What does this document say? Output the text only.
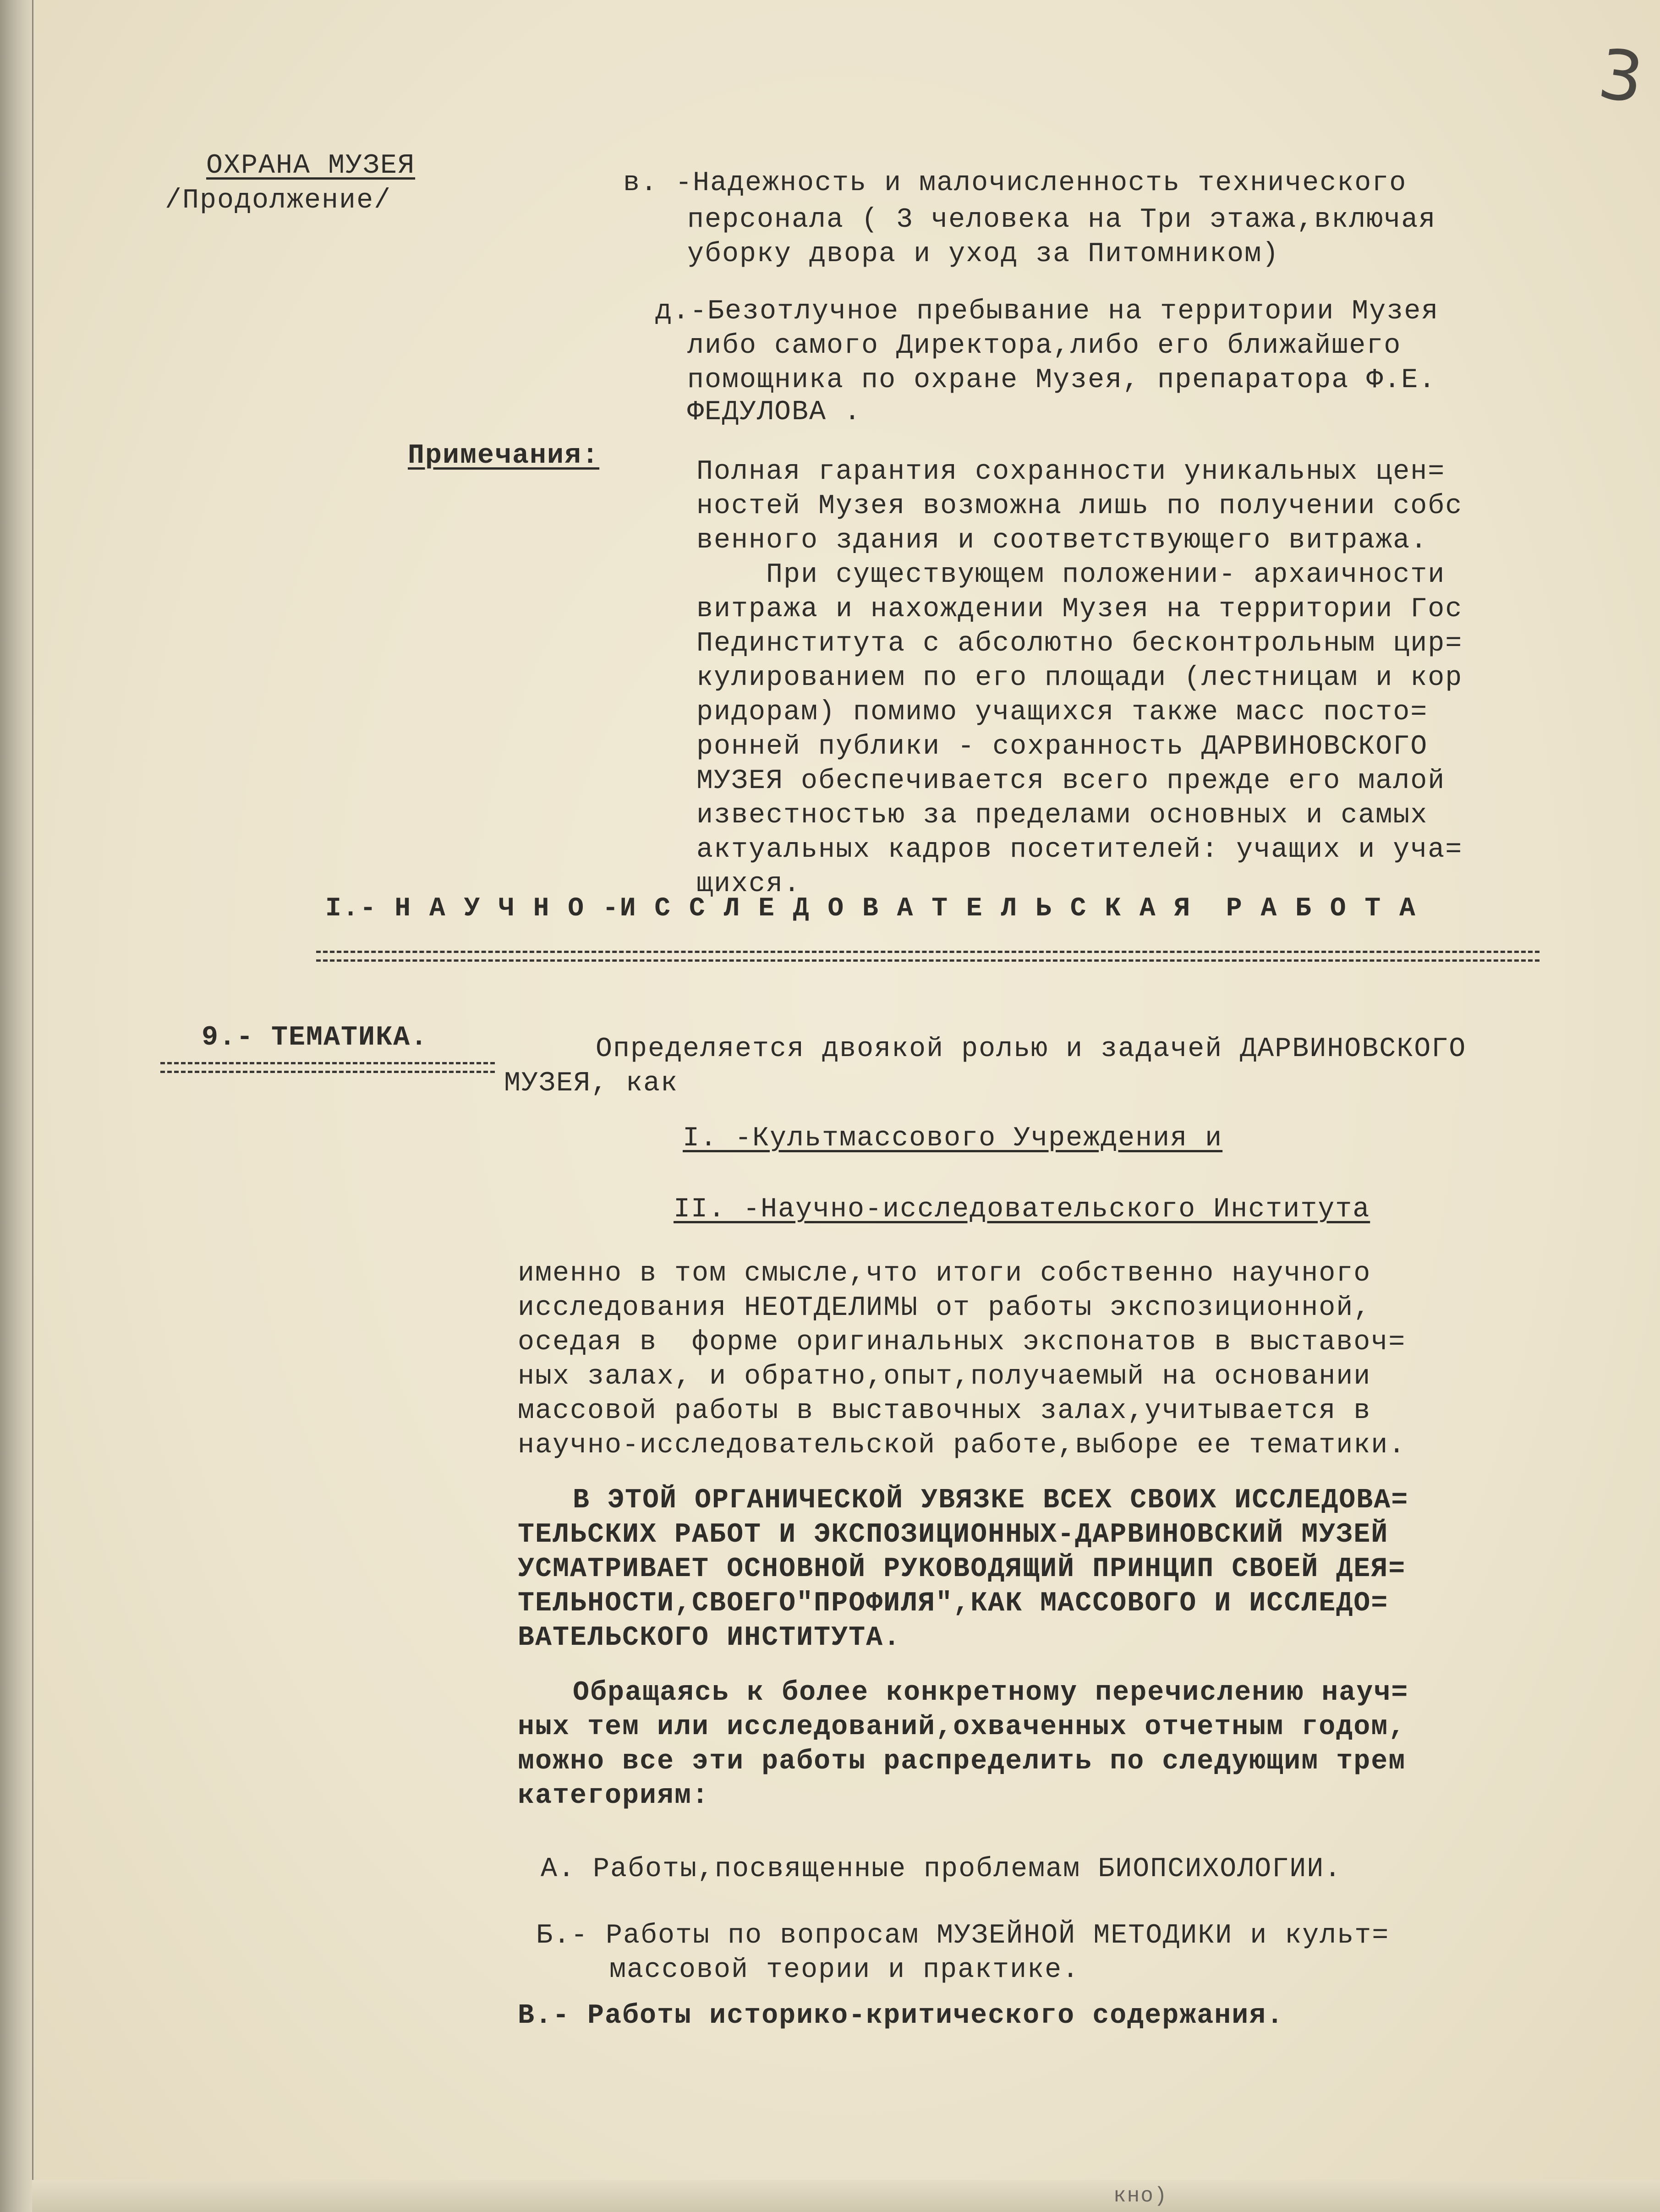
3
ОХРАНА МУЗЕЯ
/Продолжение/
в. -Надежность и малочисленность технического
персонала ( 3 человека на Три этажа,включая
уборку двора и уход за Питомником)
д.-Безотлучное пребывание на территории Музея
либо самого Директора,либо его ближайшего
помощника по охране Музея, препаратора Ф.Е.
ФЕДУЛОВА .
Примечания:
Полная гарантия сохранности уникальных цен=
ностей Музея возможна лишь по получении собс
венного здания и соответствующего витража.
При существующем положении- архаичности
витража и нахождении Музея на территории Гос
Пединститута с абсолютно бесконтрольным цир=
кулированием по его площади (лестницам и кор
ридорам) помимо учащихся также масс посто=
ронней публики - сохранность ДАРВИНОВСКОГО
МУЗЕЯ обеспечивается всего прежде его малой
известностью за пределами основных и самых
актуальных кадров посетителей: учащих и уча=
щихся.
I.- Н А У Ч Н О -И С С Л Е Д О В А Т Е Л Ь С К А Я  Р А Б О Т А
9.- ТЕМАТИКА.	Определяется двоякой ролью и задачей ДАРВИНОВСКОГО
МУЗЕЯ, как
I. -Культмассового Учреждения и
II. -Научно-исследовательского Института
именно в том смысле,что итоги собственно научного
исследования НЕОТДЕЛИМЫ от работы экспозиционной,
оседая в  форме оригинальных экспонатов в выставоч=
ных залах, и обратно,опыт,получаемый на основании
массовой работы в выставочных залах,учитывается в
научно-исследовательской работе,выборе ее тематики.
В ЭТОЙ ОРГАНИЧЕСКОЙ УВЯЗКЕ ВСЕХ СВОИХ ИССЛЕДОВА=
ТЕЛЬСКИХ РАБОТ И ЭКСПОЗИЦИОННЫХ-ДАРВИНОВСКИЙ МУЗЕЙ
УСМАТРИВАЕТ ОСНОВНОЙ РУКОВОДЯЩИЙ ПРИНЦИП СВОЕЙ ДЕЯ=
ТЕЛЬНОСТИ,СВОЕГО"ПРОФИЛЯ",КАК МАССОВОГО И ИССЛЕДО=
ВАТЕЛЬСКОГО ИНСТИТУТА.
Обращаясь к более конкретному перечислению науч=
ных тем или исследований,охваченных отчетным годом,
можно все эти работы распределить по следующим трем
категориям:
А. Работы,посвященные проблемам БИОПСИХОЛОГИИ.
Б.- Работы по вопросам МУЗЕЙНОЙ МЕТОДИКИ и культ=
массовой теории и практике.
В.- Работы историко-критического содержания.
кно)
